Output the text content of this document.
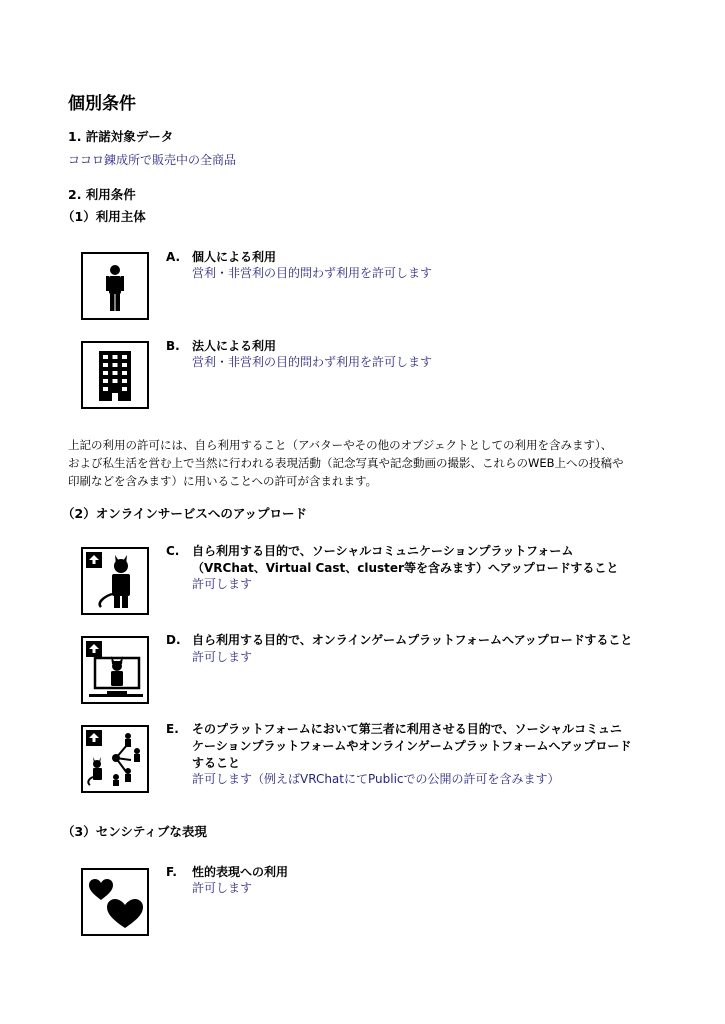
個別条件
1. 許諾対象データ
ココロ錬成所で販売中の全商品
2. 利用条件
（1）利用主体
A. 個人による利用
営利・非営利の目的問わず利用を許可します
B. 法人による利用
営利・非営利の目的問わず利用を許可します
上記の利用の許可には、自ら利用すること（アバターやその他のオブジェクトとしての利用を含みます）、
および私生活を営む上で当然に行われる表現活動（記念写真や記念動画の撮影、これらのWEB上への投稿や
印刷などを含みます）に用いることへの許可が含まれます。
（2）オンラインサービスへのアップロード
C. 自ら利用する目的で、ソーシャルコミュニケーションプラットフォーム
（VRChat、Virtual Cast、cluster等を含みます）へアップロードすること
許可します
D. 自ら利用する目的で、オンラインゲームプラットフォームへアップロードすること
許可します
E. そのプラットフォームにおいて第三者に利用させる目的で、ソーシャルコミュニ
ケーションプラットフォームやオンラインゲームプラットフォームへアップロード
すること
許可します（例えばVRChatにてPublicでの公開の許可を含みます）
（3）センシティブな表現
F. 性的表現への利用
許可します
